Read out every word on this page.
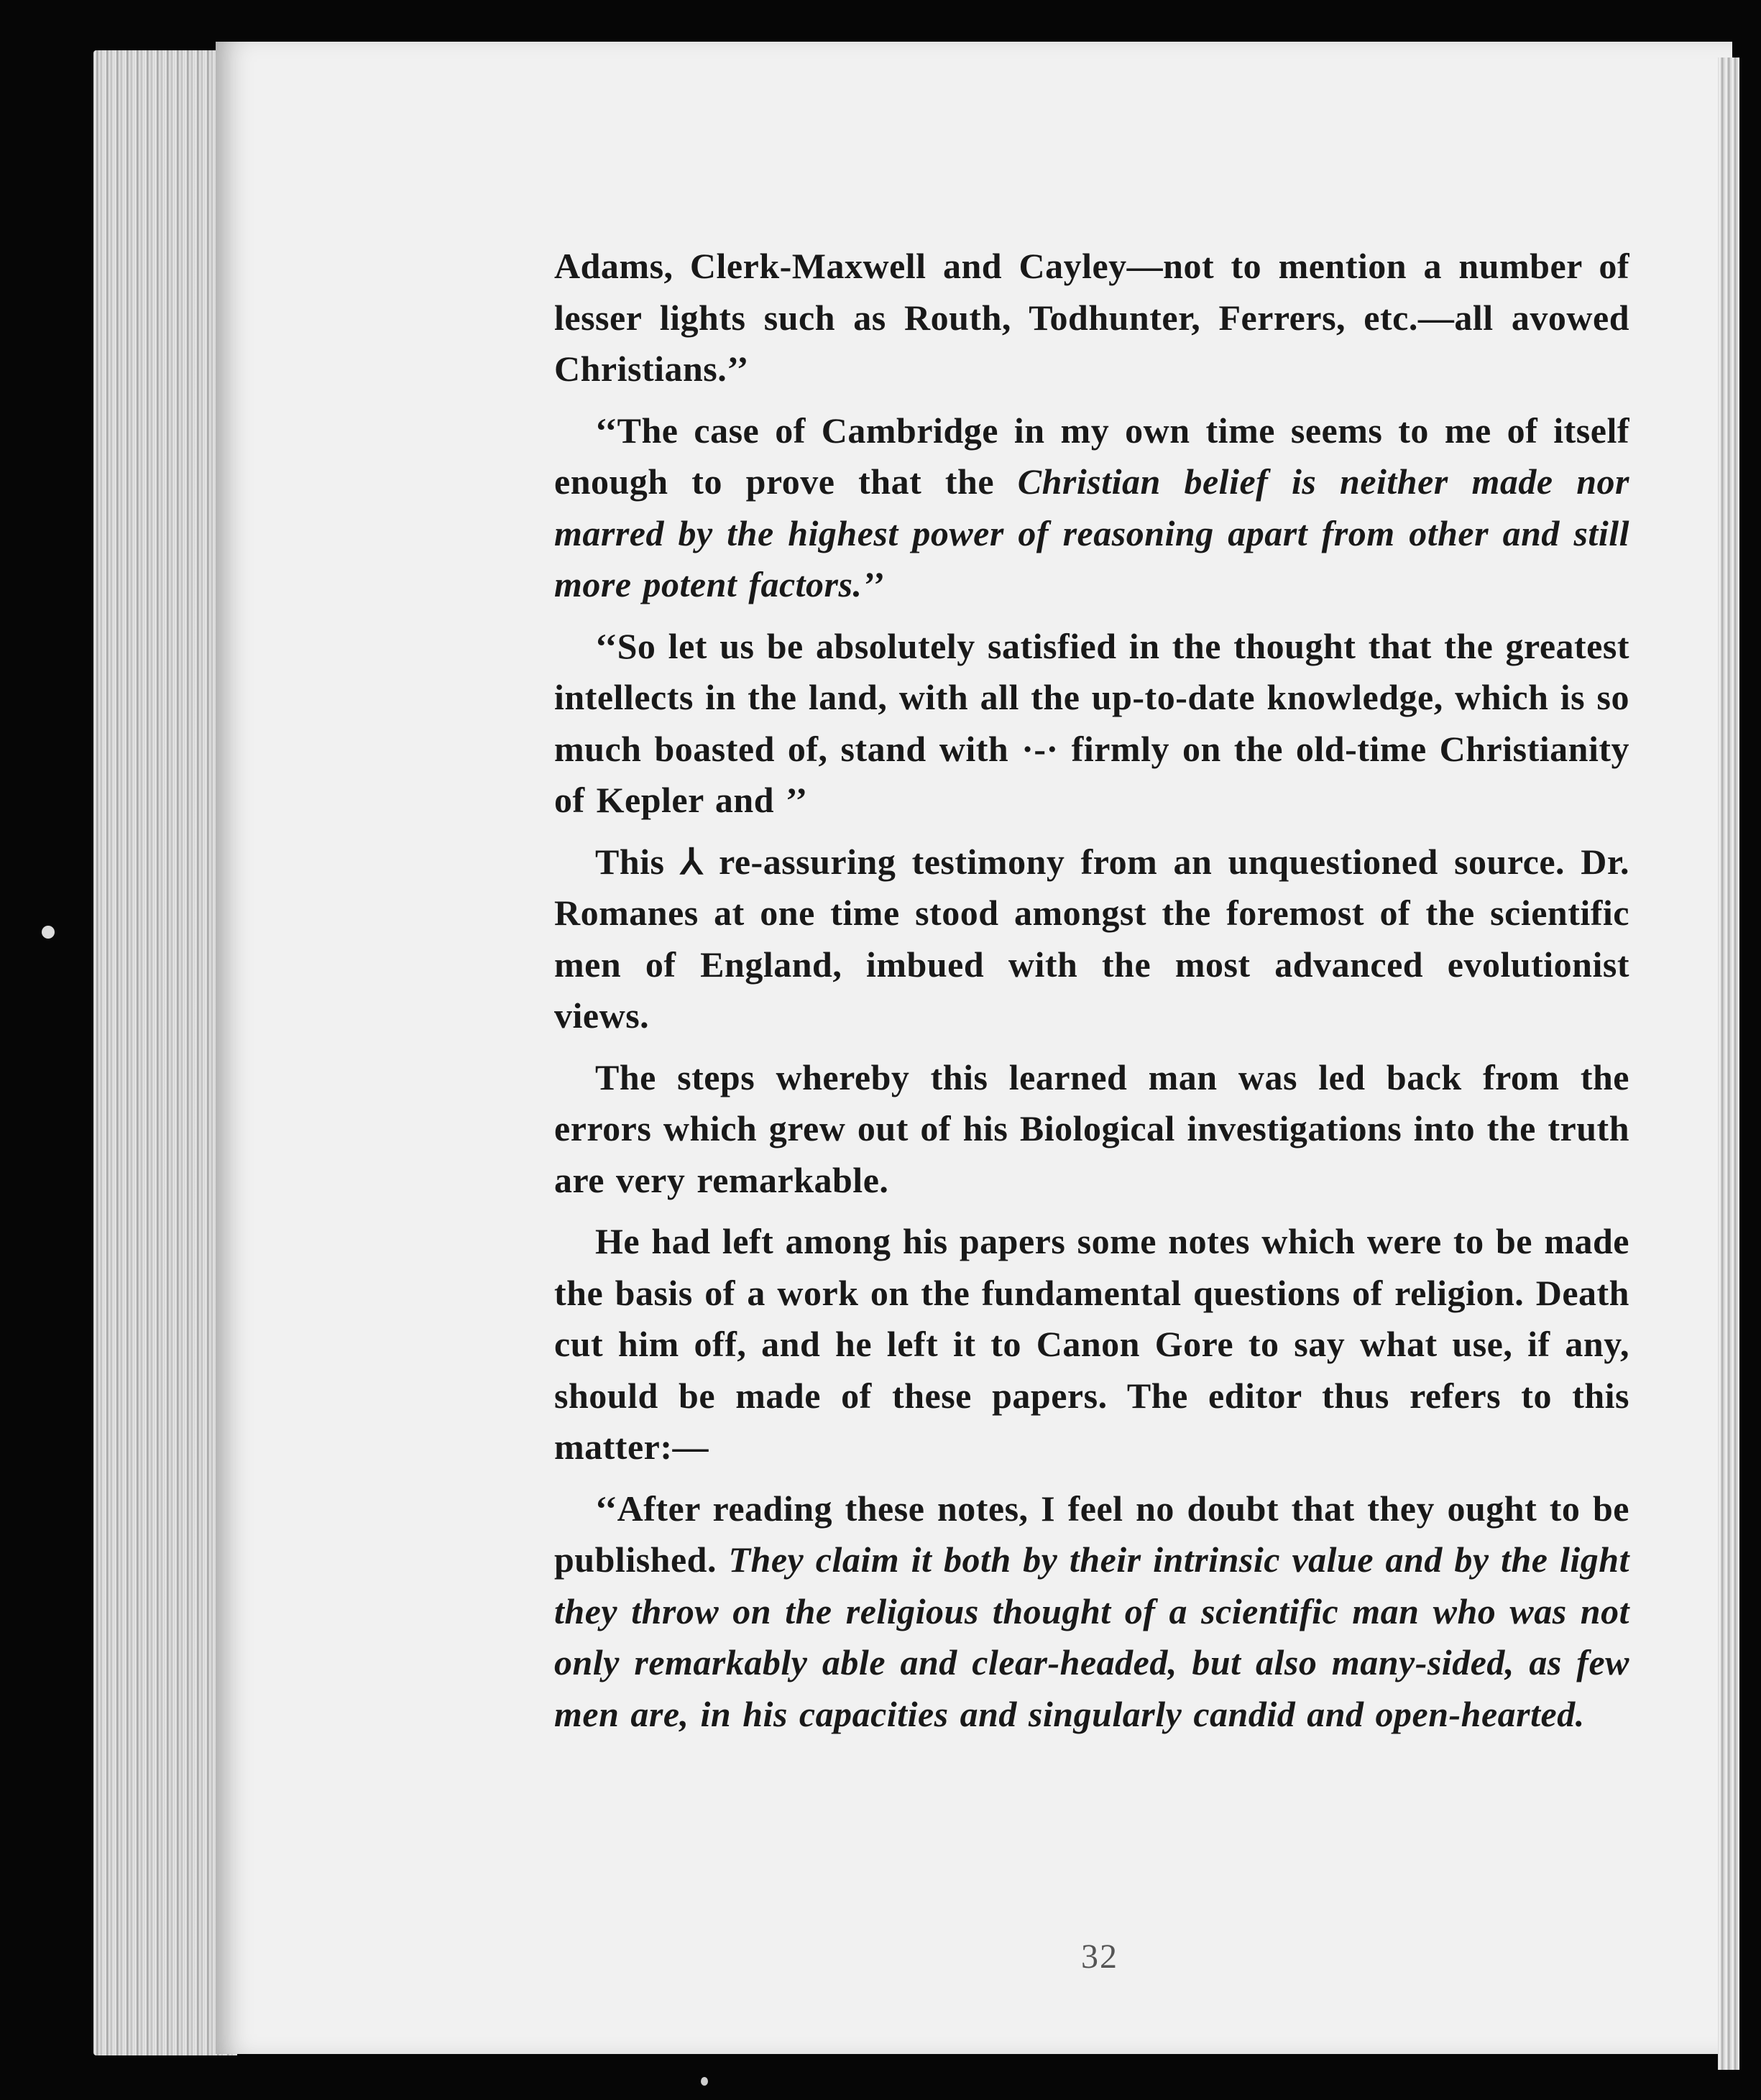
Adams, Clerk-Maxwell and Cayley—not to mention a number of lesser lights such as Routh, Todhunter, Ferrers, etc.—all avowed Christians.’’

‘‘The case of Cambridge in my own time seems to me of itself enough to prove that the Christian belief is neither made nor marred by the highest power of reasoning apart from other and still more potent factors.’’

‘‘So let us be absolutely satisfied in the thought that the greatest intellects in the land, with all the up-to-date knowledge, which is so much boasted of, stand with ·-· firmly on the old-time Christianity of Kepler and ’’

This ⅄ re-assuring testimony from an unquestioned source. Dr. Romanes at one time stood amongst the foremost of the scientific men of England, imbued with the most advanced evolutionist views.

The steps whereby this learned man was led back from the errors which grew out of his Biological investigations into the truth are very remarkable.

He had left among his papers some notes which were to be made the basis of a work on the fundamental questions of religion. Death cut him off, and he left it to Canon Gore to say what use, if any, should be made of these papers. The editor thus refers to this matter:—

‘‘After reading these notes, I feel no doubt that they ought to be published. They claim it both by their intrinsic value and by the light they throw on the religious thought of a scientific man who was not only remarkably able and clear-headed, but also many-sided, as few men are, in his capacities and singularly candid and open-hearted.

32
